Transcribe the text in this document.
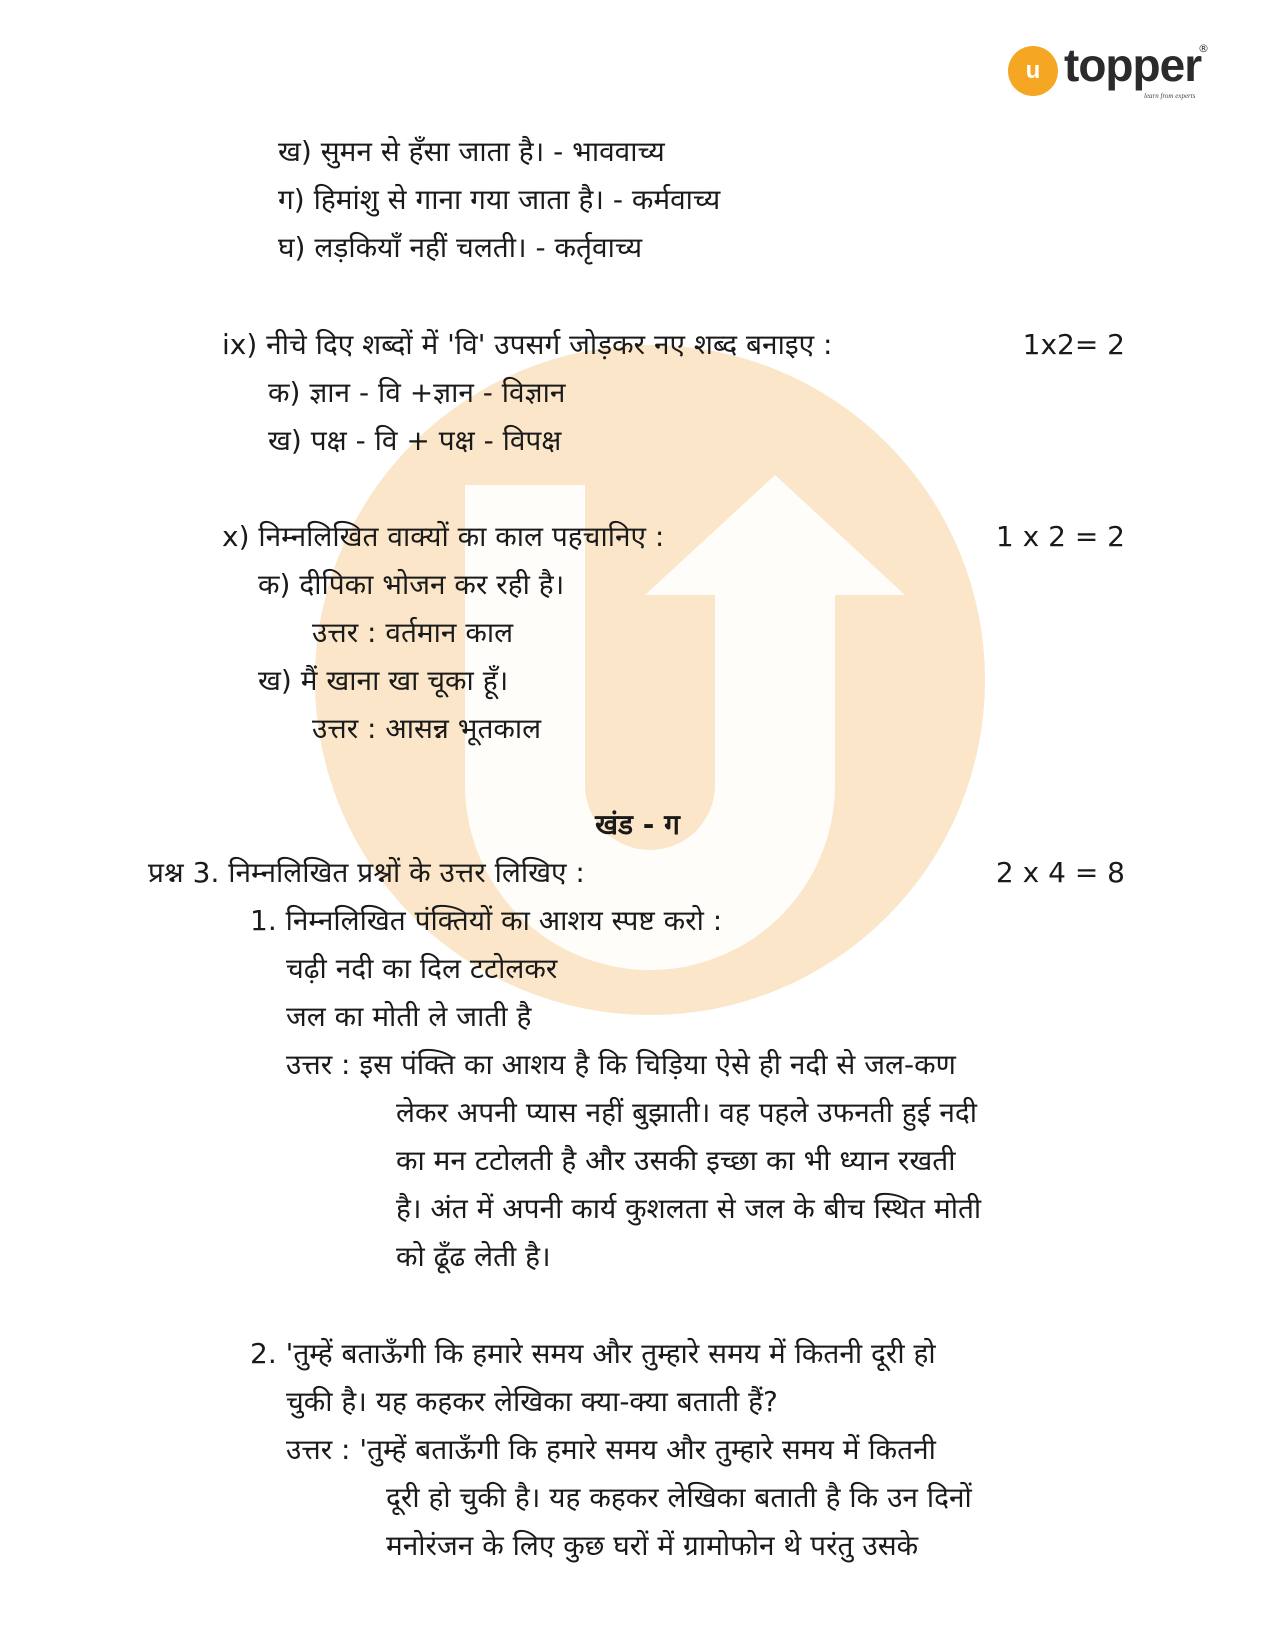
u topper
®
learn from experts
ख) सुमन से हँसा जाता है। - भाववाच्य
ग) हिमांशु से गाना गया जाता है। - कर्मवाच्य
घ) लड़कियाँ नहीं चलती। - कर्तृवाच्य
ix) नीचे दिए शब्दों में 'वि' उपसर्ग जोड़कर नए शब्द बनाइए :	1x2= 2
क) ज्ञान - वि +ज्ञान - विज्ञान
ख) पक्ष - वि + पक्ष - विपक्ष
x) निम्नलिखित वाक्यों का काल पहचानिए :	1 x 2 = 2
क) दीपिका भोजन कर रही है।
उत्तर : वर्तमान काल
ख) मैं खाना खा चूका हूँ।
उत्तर : आसन्न भूतकाल
खंड - ग
प्रश्न 3. निम्नलिखित प्रश्नों के उत्तर लिखिए :	2 x 4 = 8
1. निम्नलिखित पंक्तियों का आशय स्पष्ट करो :
चढ़ी नदी का दिल टटोलकर
जल का मोती ले जाती है
उत्तर : इस पंक्ति का आशय है कि चिड़िया ऐसे ही नदी से जल-कण
लेकर अपनी प्यास नहीं बुझाती। वह पहले उफनती हुई नदी
का मन टटोलती है और उसकी इच्छा का भी ध्यान रखती
है। अंत में अपनी कार्य कुशलता से जल के बीच स्थित मोती
को ढूँढ लेती है।
2. 'तुम्हें बताऊँगी कि हमारे समय और तुम्हारे समय में कितनी दूरी हो
चुकी है। यह कहकर लेखिका क्या-क्या बताती हैं?
उत्तर : 'तुम्हें बताऊँगी कि हमारे समय और तुम्हारे समय में कितनी
दूरी हो चुकी है। यह कहकर लेखिका बताती है कि उन दिनों
मनोरंजन के लिए कुछ घरों में ग्रामोफोन थे परंतु उसके
